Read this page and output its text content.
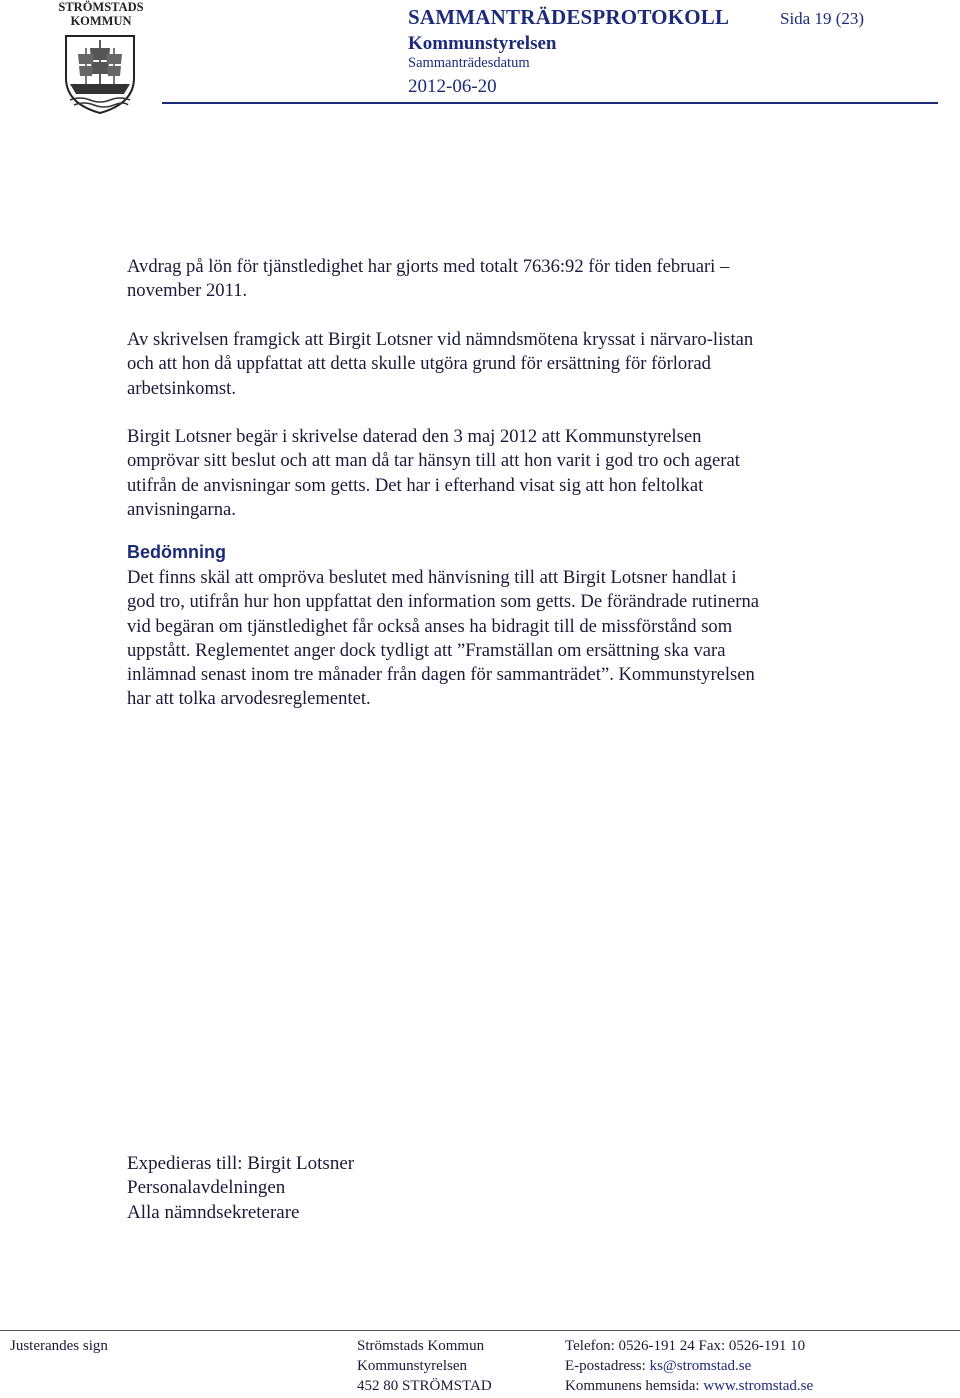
STRÖMSTADS
KOMMUN	SAMMANTRÄDESPROTOKOLL
Kommunstyrelsen
Sammanträdesdatum
2012-06-20
Sida 19 (23)

Avdrag på lön för tjänstledighet har gjorts med totalt 7636:92 för tiden februari – november 2011.

Av skrivelsen framgick att Birgit Lotsner vid nämndsmötena kryssat i närvaro-listan och att hon då uppfattat att detta skulle utgöra grund för ersättning för förlorad arbetsinkomst.

Birgit Lotsner begär i skrivelse daterad den 3 maj 2012 att Kommunstyrelsen omprövar sitt beslut och att man då tar hänsyn till att hon varit i god tro och agerat utifrån de anvisningar som getts. Det har i efterhand visat sig att hon feltolkat anvisningarna.

Bedömning

Det finns skäl att ompröva beslutet med hänvisning till att Birgit Lotsner handlat i god tro, utifrån hur hon uppfattat den information som getts. De förändrade rutinerna vid begäran om tjänstledighet får också anses ha bidragit till de missförstånd som uppstått. Reglementet anger dock tydligt att ”Framställan om ersättning ska vara inlämnad senast inom tre månader från dagen för sammanträdet”. Kommunstyrelsen har att tolka arvodesreglementet.

Expedieras till: Birgit Lotsner
Personalavdelningen
Alla nämndsekreterare
Justerandes sign	Strömstads Kommun
Kommunstyrelsen
452 80 STRÖMSTAD
Telefon: 0526-191 24 Fax: 0526-191 10
E-postadress: ks@stromstad.se
Kommunens hemsida: www.stromstad.se
